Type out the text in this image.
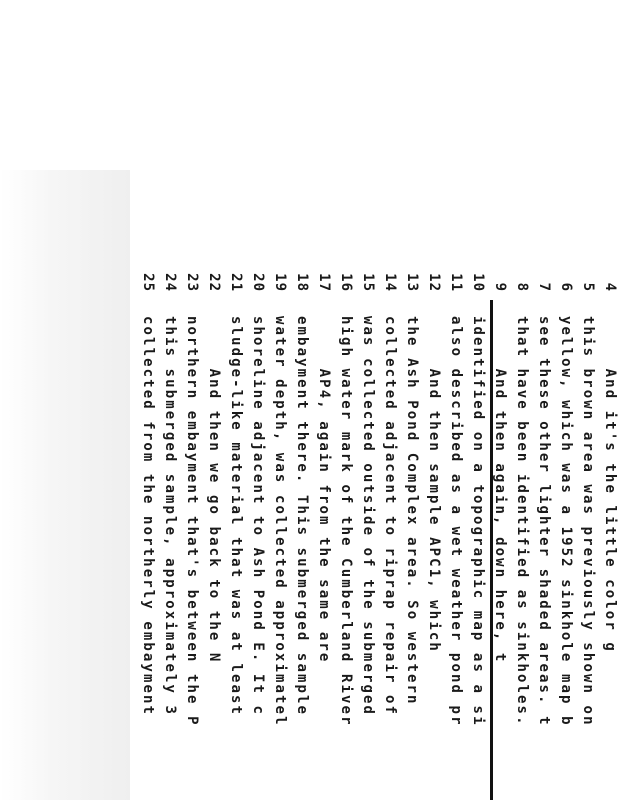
4
5
6
7
8
9
10
11
12
13
14
15
16
17
18
19
20
21
22
23
24
25
And it's the little color g
this brown area was previously shown on
yellow, which was a 1952 sinkhole map b
see these other lighter shaded areas. t
that have been identified as sinkholes.
And then again, down here, t
identified on a topographic map as a si
also described as a wet weather pond pr
And then sample APC1, which
the Ash Pond Complex area. So western
collected adjacent to riprap repair of
was collected outside of the submerged
high water mark of the Cumberland River
AP4, again from the same are
embayment there. This submerged sample
water depth, was collected approximatel
shoreline adjacent to Ash Pond E. It c
sludge-like material that was at least
And then we go back to the N
northern embayment that's between the P
this submerged sample, approximately 3
collected from the northerly embayment
